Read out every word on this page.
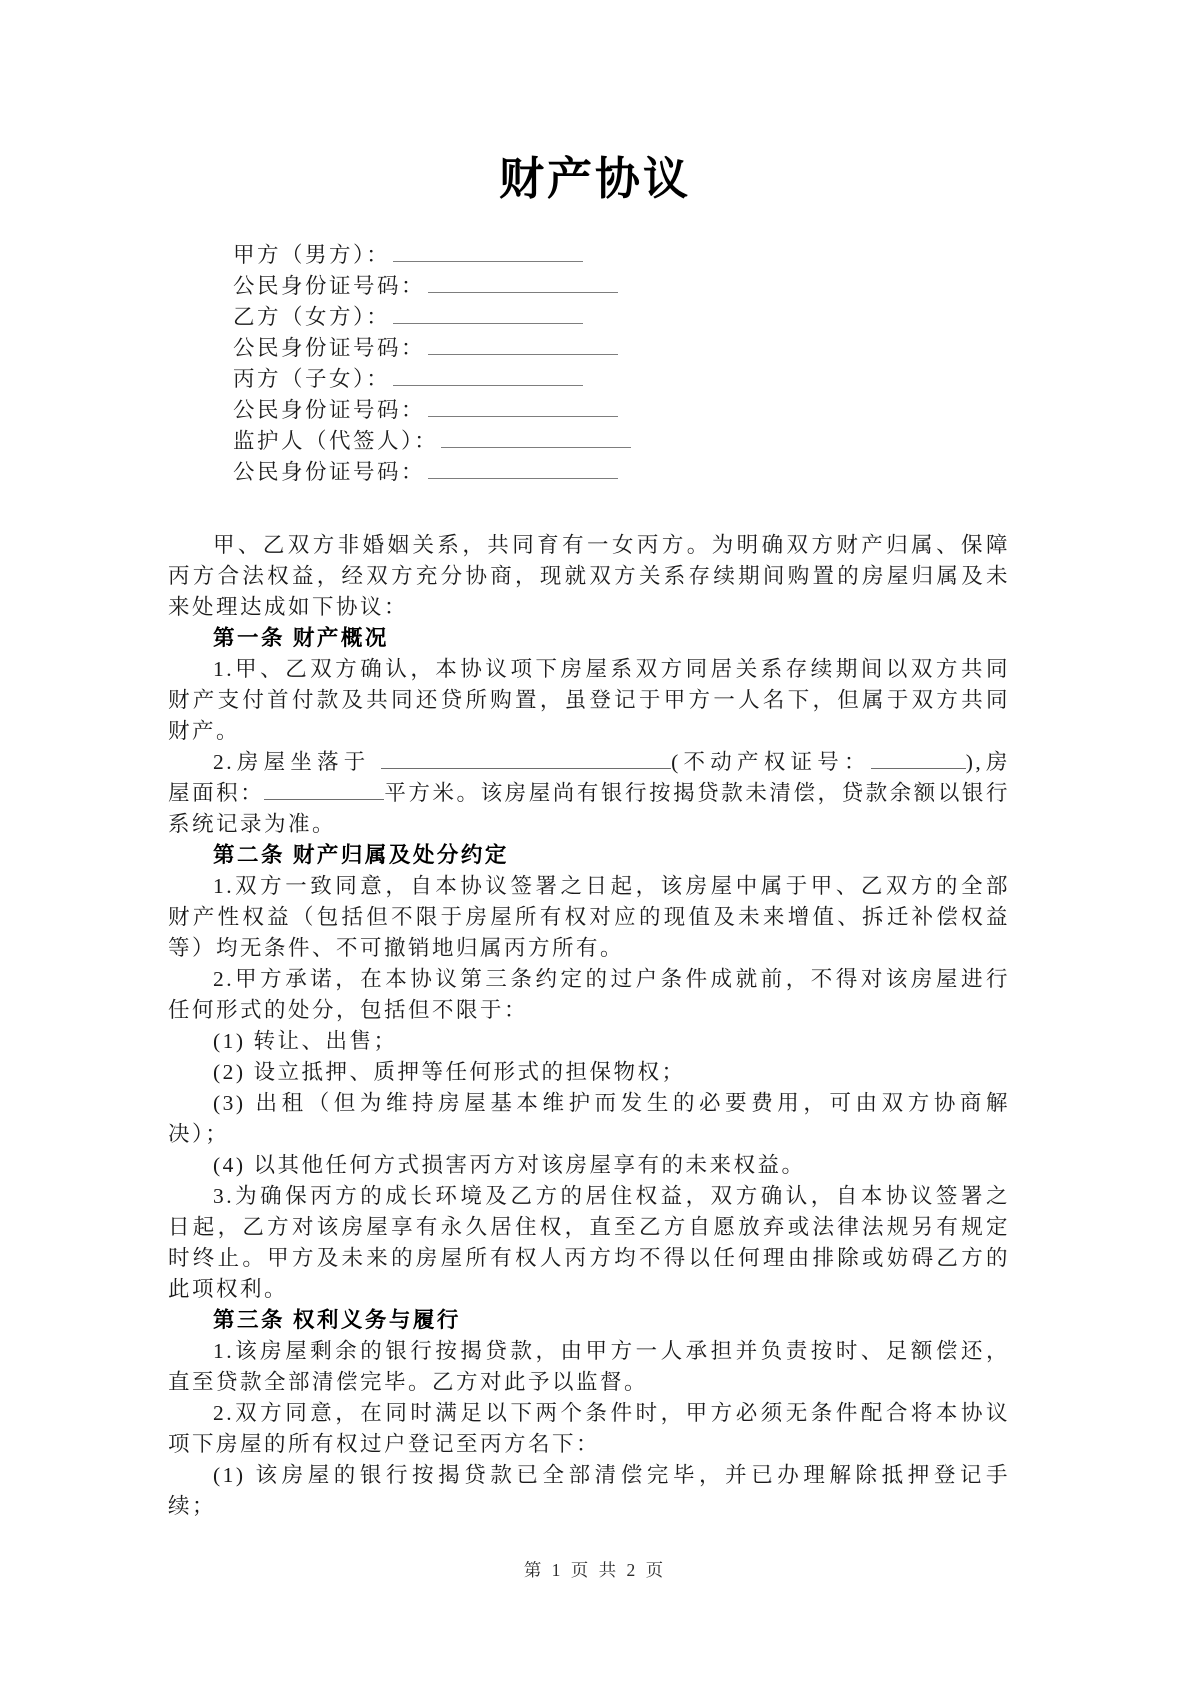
财产协议
甲方（男方）：
公民身份证号码：
乙方（女方）：
公民身份证号码：
丙方（子女）：
公民身份证号码：
监护人（代签人）：
公民身份证号码：
甲、乙双方非婚姻关系，共同育有一女丙方。为明确双方财产归属、保障
丙方合法权益，经双方充分协商，现就双方关系存续期间购置的房屋归属及未
来处理达成如下协议：
第一条 财产概况
1.甲、乙双方确认，本协议项下房屋系双方同居关系存续期间以双方共同
财产支付首付款及共同还贷所购置，虽登记于甲方一人名下，但属于双方共同
财产。
2.房屋坐落于	(不动产权证号：	),房
屋面积：	平方米。该房屋尚有银行按揭贷款未清偿，贷款余额以银行
系统记录为准。
第二条 财产归属及处分约定
1.双方一致同意，自本协议签署之日起，该房屋中属于甲、乙双方的全部
财产性权益（包括但不限于房屋所有权对应的现值及未来增值、拆迁补偿权益
等）均无条件、不可撤销地归属丙方所有。
2.甲方承诺，在本协议第三条约定的过户条件成就前，不得对该房屋进行
任何形式的处分，包括但不限于：
(1) 转让、出售；
(2) 设立抵押、质押等任何形式的担保物权；
(3) 出租（但为维持房屋基本维护而发生的必要费用，可由双方协商解
决）；
(4) 以其他任何方式损害丙方对该房屋享有的未来权益。
3.为确保丙方的成长环境及乙方的居住权益，双方确认，自本协议签署之
日起，乙方对该房屋享有永久居住权，直至乙方自愿放弃或法律法规另有规定
时终止。甲方及未来的房屋所有权人丙方均不得以任何理由排除或妨碍乙方的
此项权利。
第三条 权利义务与履行
1.该房屋剩余的银行按揭贷款，由甲方一人承担并负责按时、足额偿还，
直至贷款全部清偿完毕。乙方对此予以监督。
2.双方同意，在同时满足以下两个条件时，甲方必须无条件配合将本协议
项下房屋的所有权过户登记至丙方名下：
(1) 该房屋的银行按揭贷款已全部清偿完毕，并已办理解除抵押登记手
续；
第 1 页 共 2 页
